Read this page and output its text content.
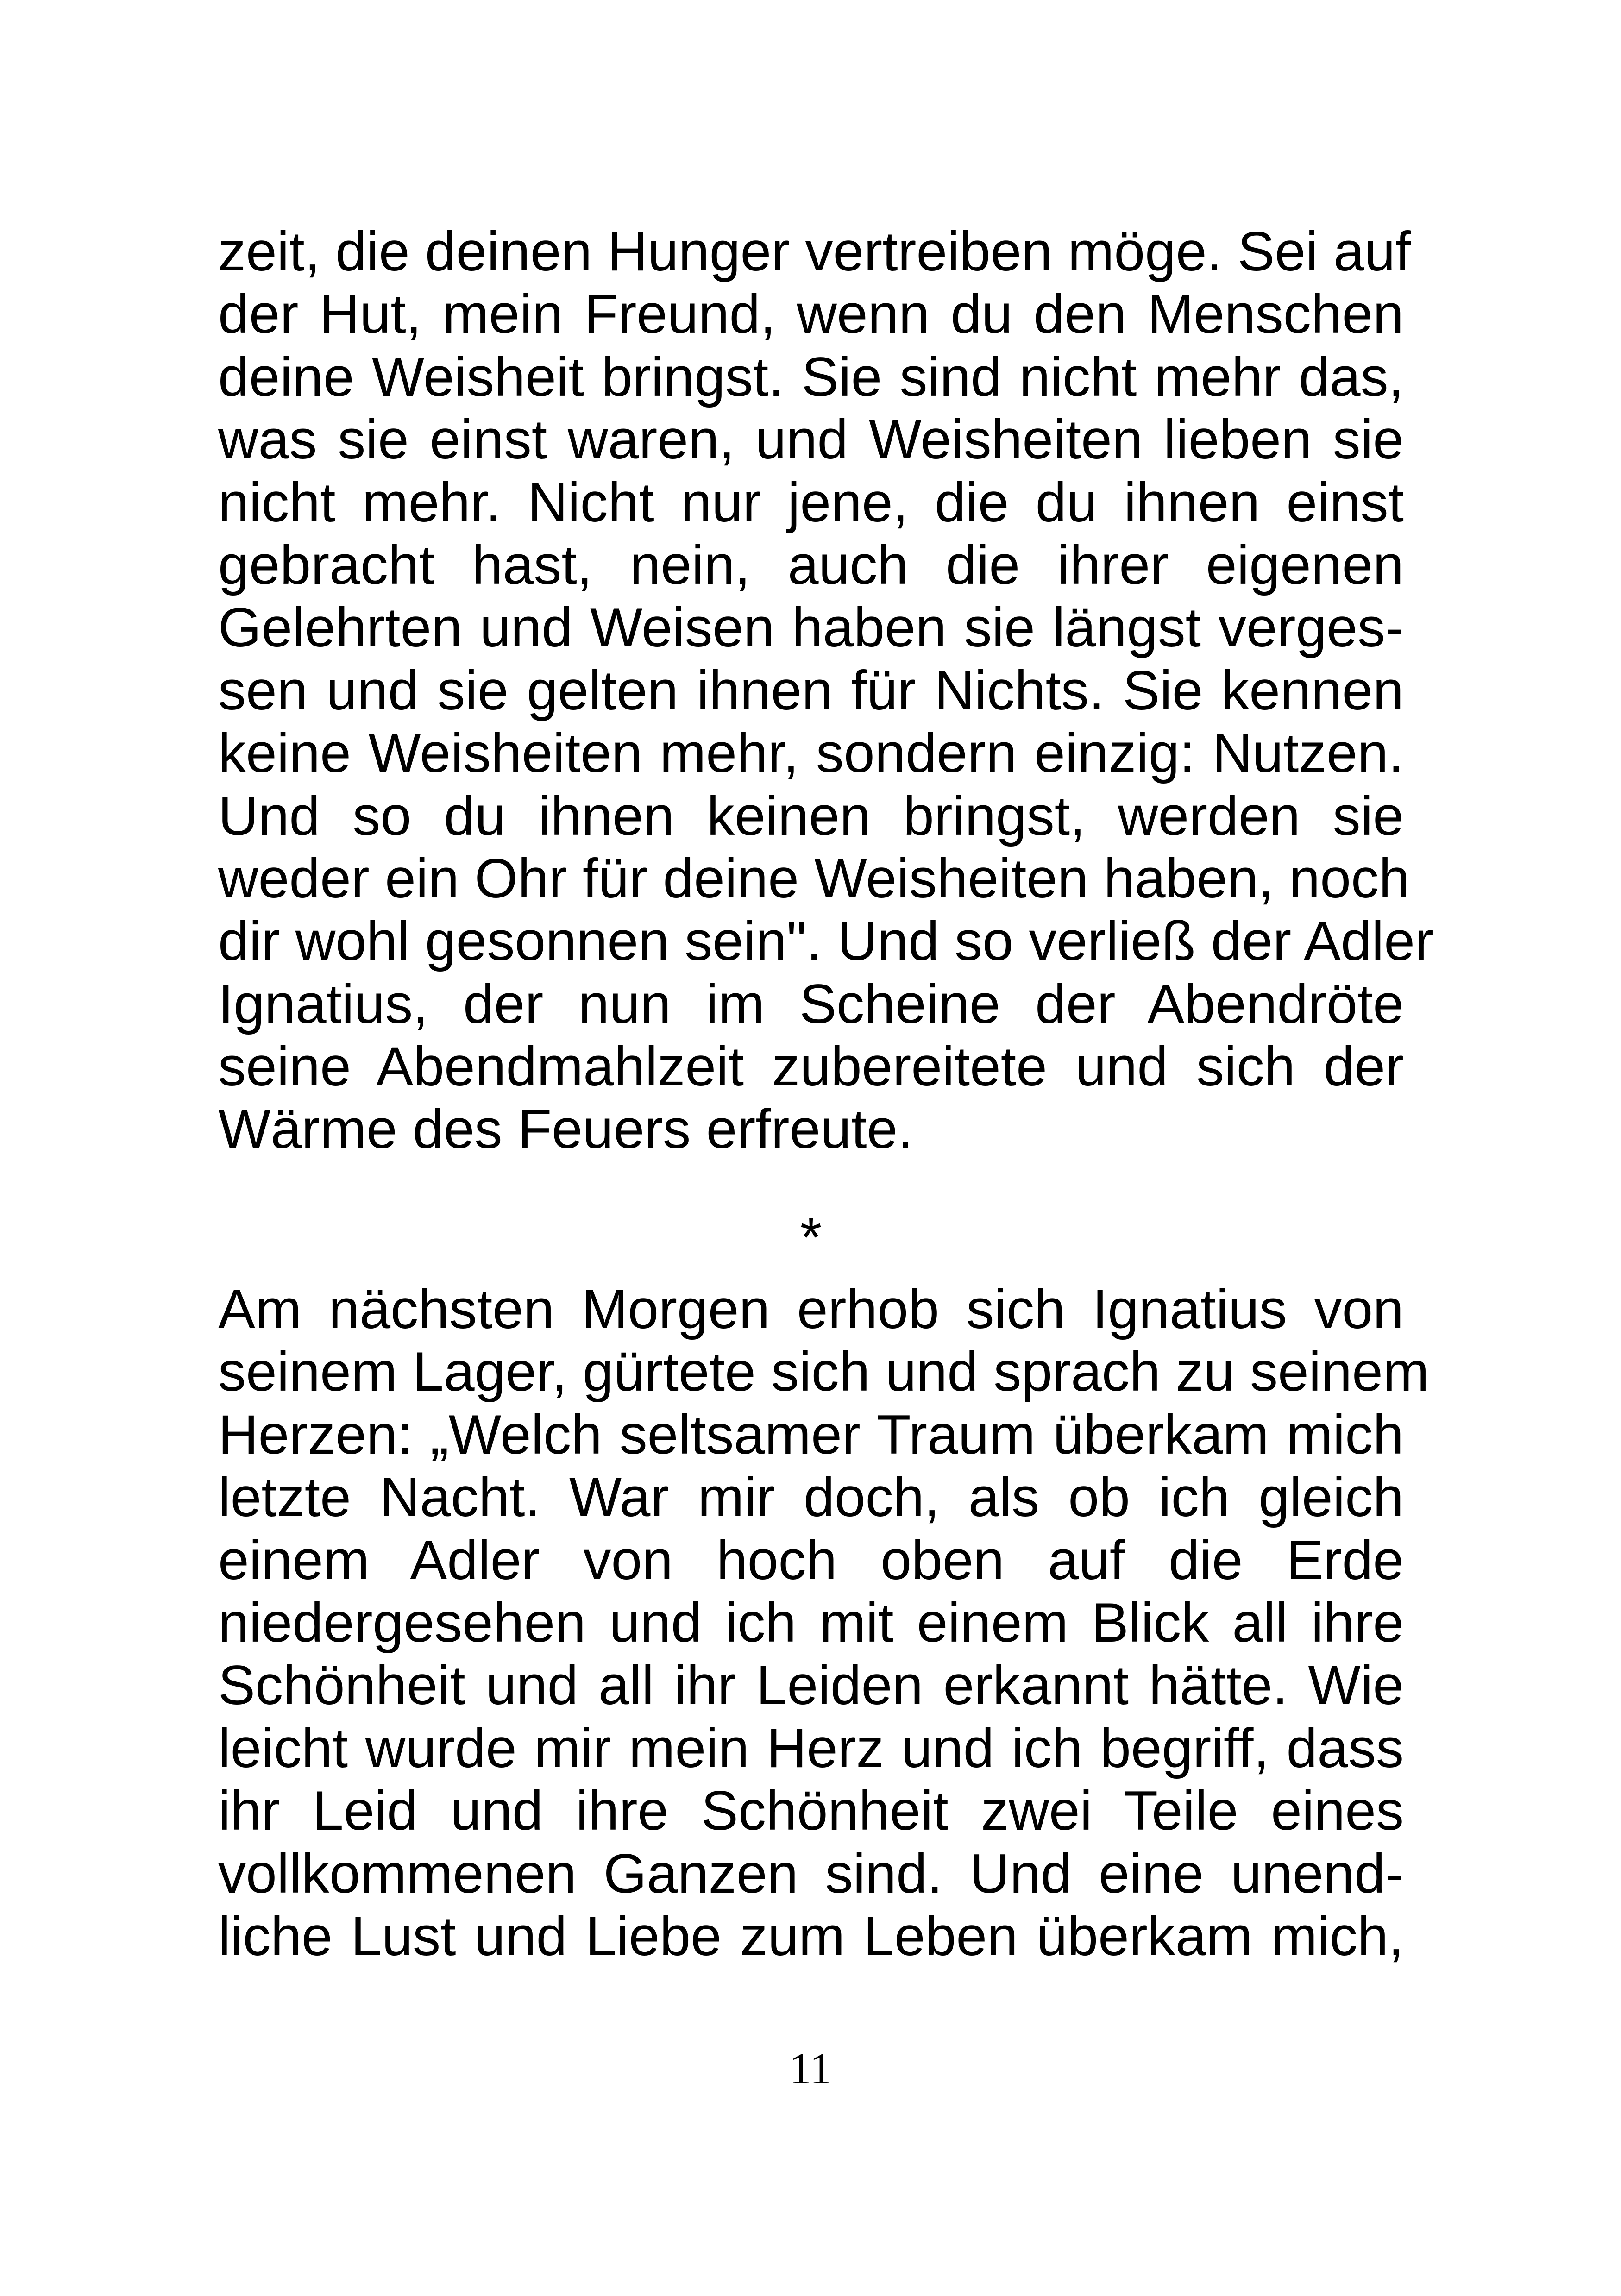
zeit, die deinen Hunger vertreiben möge. Sei auf
der Hut, mein Freund, wenn du den Menschen
deine Weisheit bringst. Sie sind nicht mehr das,
was sie einst waren, und Weisheiten lieben sie
nicht mehr. Nicht nur jene, die du ihnen einst
gebracht hast, nein, auch die ihrer eigenen
Gelehrten und Weisen haben sie längst verges-
sen und sie gelten ihnen für Nichts. Sie kennen
keine Weisheiten mehr, sondern einzig: Nutzen.
Und so du ihnen keinen bringst, werden sie
weder ein Ohr für deine Weisheiten haben, noch
dir wohl gesonnen sein". Und so verließ der Adler
Ignatius, der nun im Scheine der Abendröte
seine Abendmahlzeit zubereitete und sich der
Wärme des Feuers erfreute.
*
Am nächsten Morgen erhob sich Ignatius von
seinem Lager, gürtete sich und sprach zu seinem
Herzen: „Welch seltsamer Traum überkam mich
letzte Nacht. War mir doch, als ob ich gleich
einem Adler von hoch oben auf die Erde
niedergesehen und ich mit einem Blick all ihre
Schönheit und all ihr Leiden erkannt hätte. Wie
leicht wurde mir mein Herz und ich begriff, dass
ihr Leid und ihre Schönheit zwei Teile eines
vollkommenen Ganzen sind. Und eine unend-
liche Lust und Liebe zum Leben überkam mich,
11
